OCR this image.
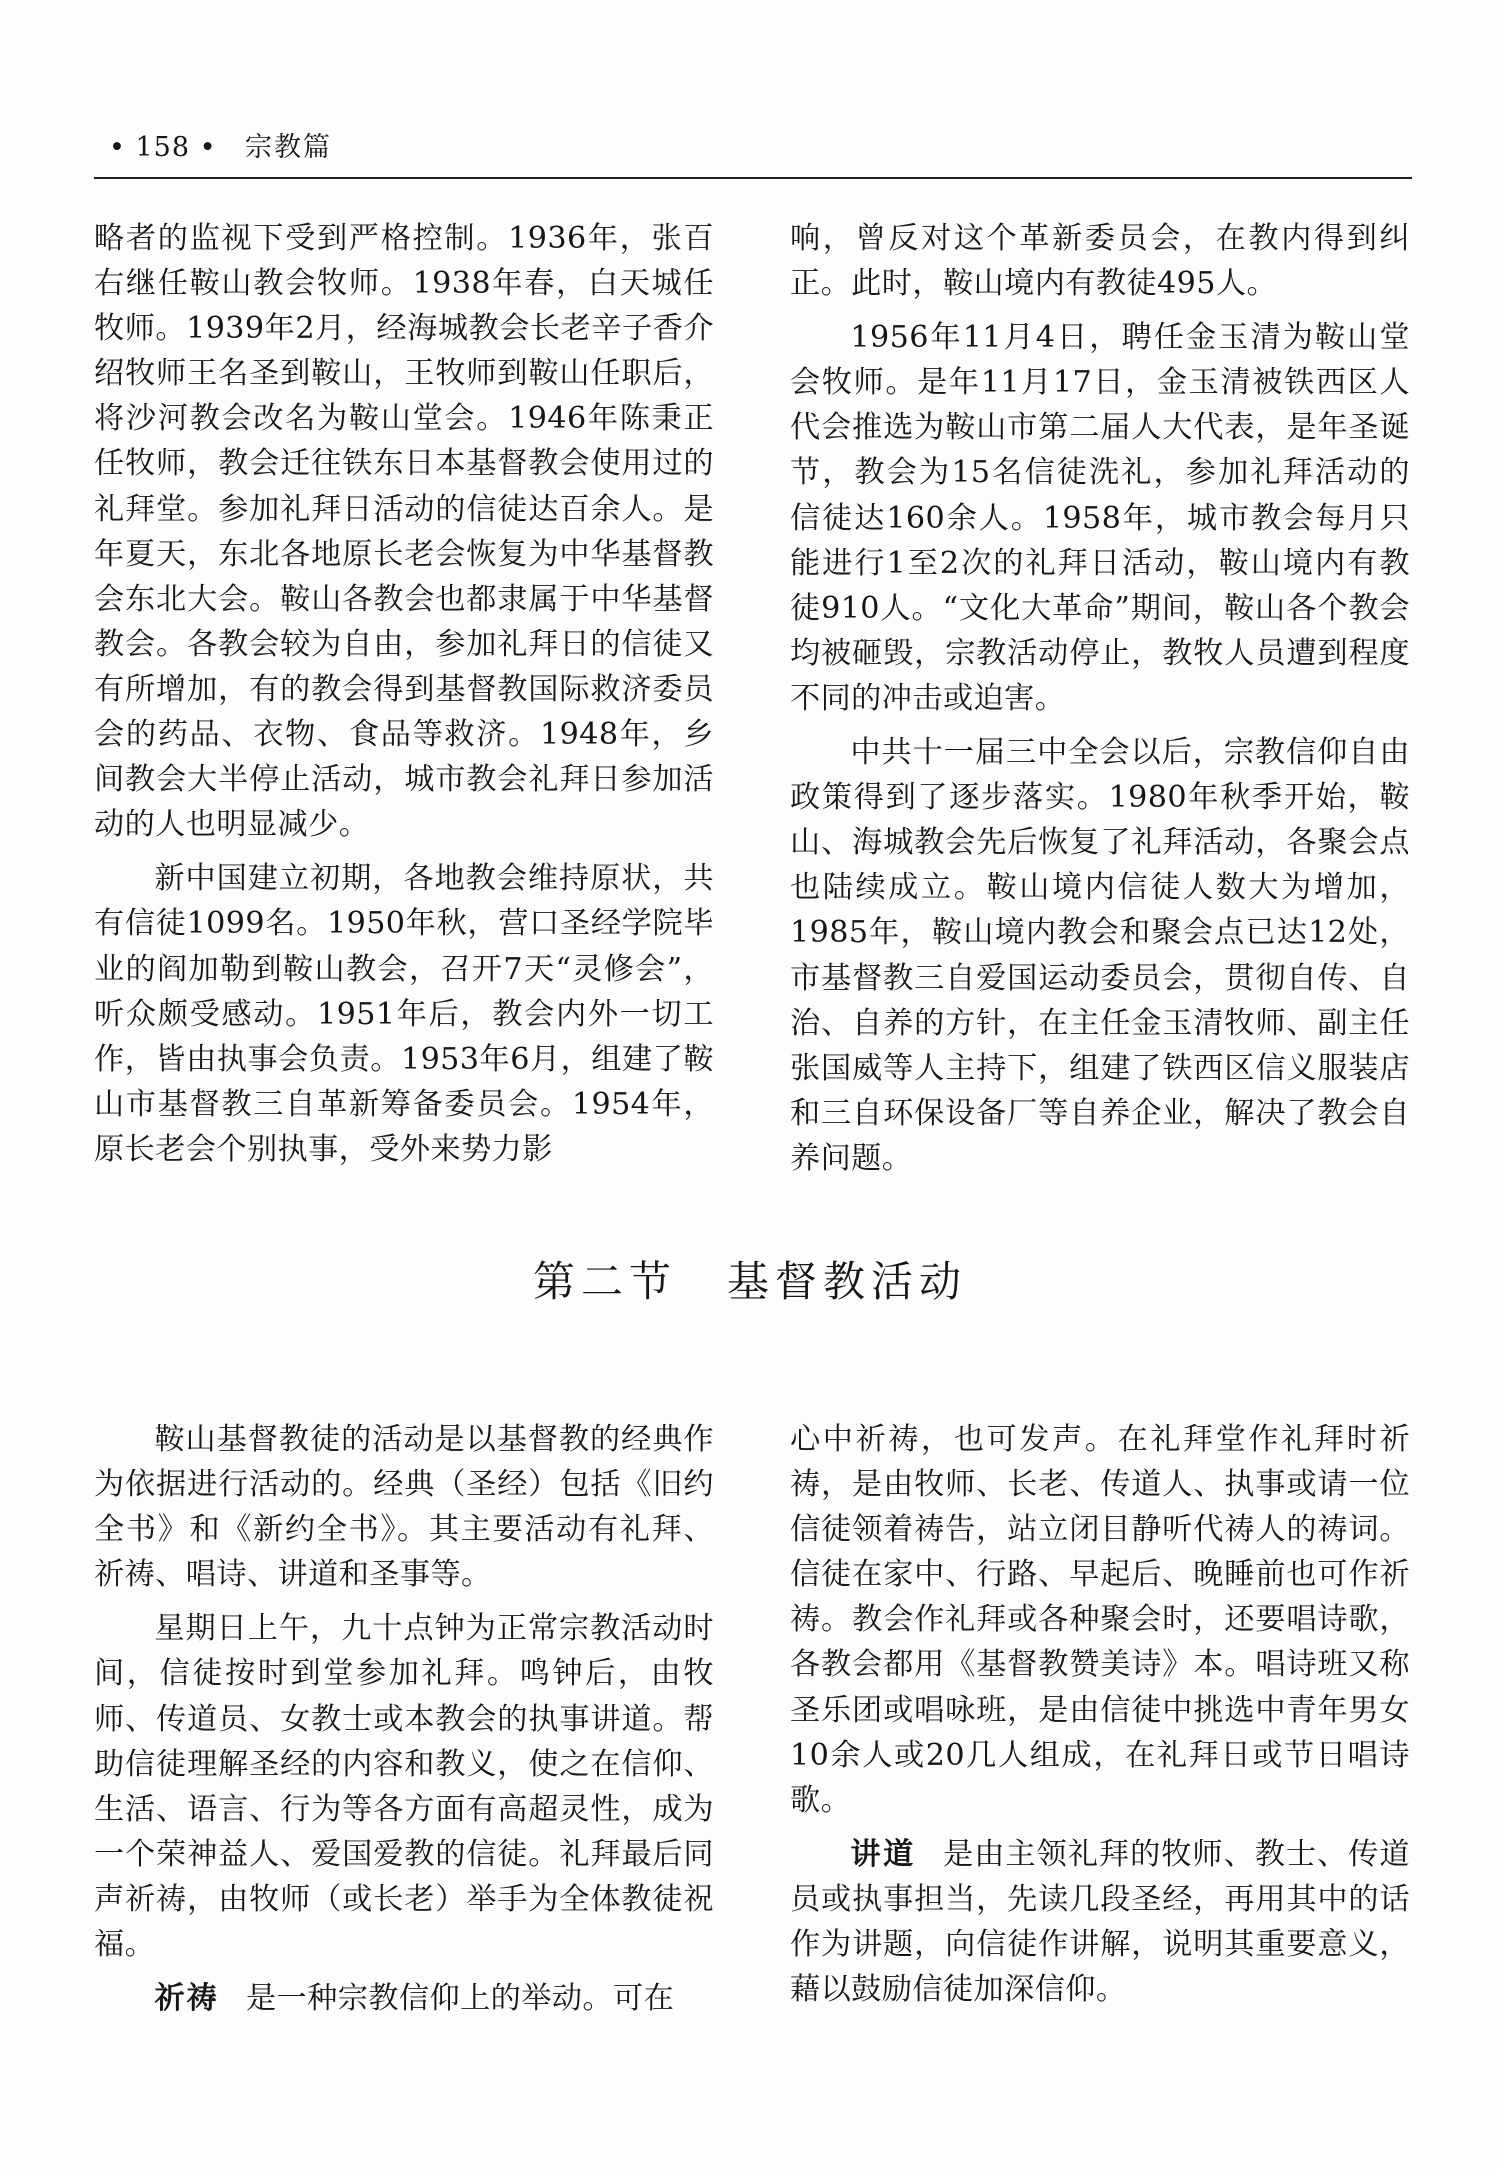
• 158 • 宗教篇

略者的监视下受到严格控制。1936年，张百右继任鞍山教会牧师。1938年春，白天城任牧师。1939年2月，经海城教会长老辛子香介绍牧师王名圣到鞍山，王牧师到鞍山任职后，将沙河教会改名为鞍山堂会。1946年陈秉正任牧师，教会迁往铁东日本基督教会使用过的礼拜堂。参加礼拜日活动的信徒达百余人。是年夏天，东北各地原长老会恢复为中华基督教会东北大会。鞍山各教会也都隶属于中华基督教会。各教会较为自由，参加礼拜日的信徒又有所增加，有的教会得到基督教国际救济委员会的药品、衣物、食品等救济。1948年，乡间教会大半停止活动，城市教会礼拜日参加活动的人也明显减少。

新中国建立初期，各地教会维持原状，共有信徒1099名。1950年秋，营口圣经学院毕业的阎加勒到鞍山教会，召开7天“灵修会”，听众颇受感动。1951年后，教会内外一切工作，皆由执事会负责。1953年6月，组建了鞍山市基督教三自革新筹备委员会。1954年，原长老会个别执事，受外来势力影

响，曾反对这个革新委员会，在教内得到纠正。此时，鞍山境内有教徒495人。

1956年11月4日，聘任金玉清为鞍山堂会牧师。是年11月17日，金玉清被铁西区人代会推选为鞍山市第二届人大代表，是年圣诞节，教会为15名信徒洗礼，参加礼拜活动的信徒达160余人。1958年，城市教会每月只能进行1至2次的礼拜日活动，鞍山境内有教徒910人。“文化大革命”期间，鞍山各个教会均被砸毁，宗教活动停止，教牧人员遭到程度不同的冲击或迫害。

中共十一届三中全会以后，宗教信仰自由政策得到了逐步落实。1980年秋季开始，鞍山、海城教会先后恢复了礼拜活动，各聚会点也陆续成立。鞍山境内信徒人数大为增加，1985年，鞍山境内教会和聚会点已达12处，市基督教三自爱国运动委员会，贯彻自传、自治、自养的方针，在主任金玉清牧师、副主任张国威等人主持下，组建了铁西区信义服装店和三自环保设备厂等自养企业，解决了教会自养问题。

第二节 基督教活动

鞍山基督教徒的活动是以基督教的经典作为依据进行活动的。经典（圣经）包括《旧约全书》和《新约全书》。其主要活动有礼拜、祈祷、唱诗、讲道和圣事等。

星期日上午，九十点钟为正常宗教活动时间，信徒按时到堂参加礼拜。鸣钟后，由牧师、传道员、女教士或本教会的执事讲道。帮助信徒理解圣经的内容和教义，使之在信仰、生活、语言、行为等各方面有高超灵性，成为一个荣神益人、爱国爱教的信徒。礼拜最后同声祈祷，由牧师（或长老）举手为全体教徒祝福。

祈祷 是一种宗教信仰上的举动。可在

心中祈祷，也可发声。在礼拜堂作礼拜时祈祷，是由牧师、长老、传道人、执事或请一位信徒领着祷告，站立闭目静听代祷人的祷词。信徒在家中、行路、早起后、晚睡前也可作祈祷。教会作礼拜或各种聚会时，还要唱诗歌，各教会都用《基督教赞美诗》本。唱诗班又称圣乐团或唱咏班，是由信徒中挑选中青年男女10余人或20几人组成，在礼拜日或节日唱诗歌。

讲道 是由主领礼拜的牧师、教士、传道员或执事担当，先读几段圣经，再用其中的话作为讲题，向信徒作讲解，说明其重要意义，藉以鼓励信徒加深信仰。
